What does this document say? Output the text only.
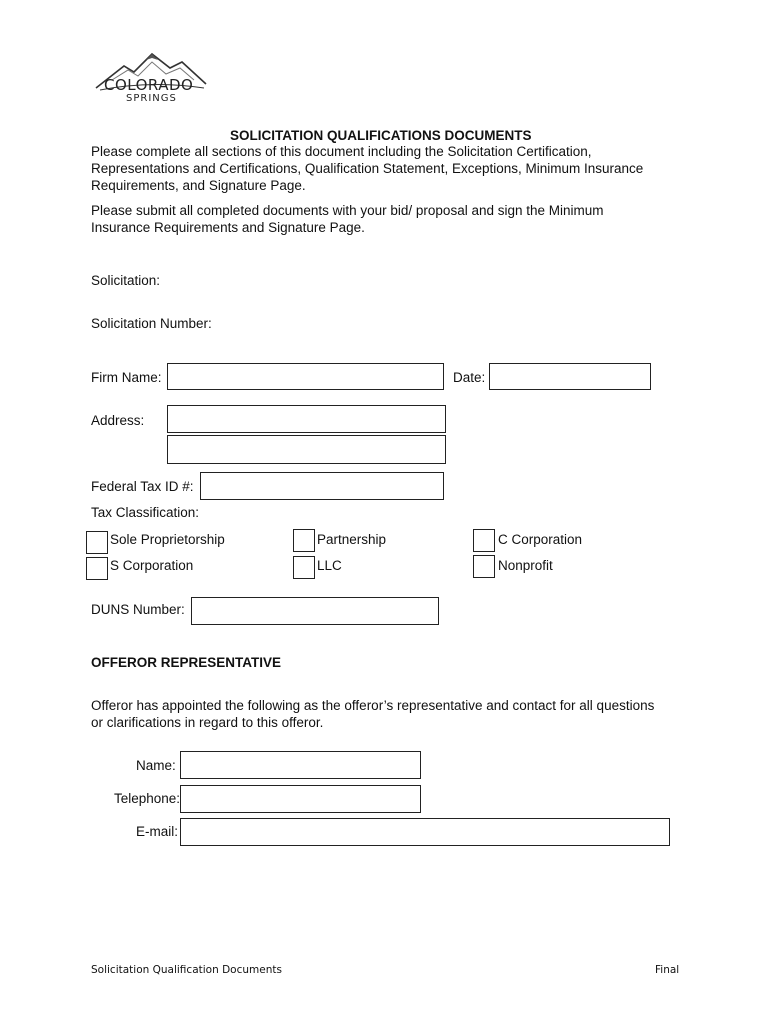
COLORADO
SPRINGS
SOLICITATION QUALIFICATIONS DOCUMENTS
Please complete all sections of this document including the Solicitation Certification,
Representations and Certifications, Qualification Statement, Exceptions, Minimum Insurance
Requirements, and Signature Page.
Please submit all completed documents with your bid/ proposal and sign the Minimum
Insurance Requirements and Signature Page.
Solicitation:
Solicitation Number:
Firm Name:	Date:
Address:
Federal Tax ID #:
Tax Classification:
Sole Proprietorship	Partnership	C Corporation
S Corporation	LLC	Nonprofit
DUNS Number:
OFFEROR REPRESENTATIVE
Offeror has appointed the following as the offeror’s representative and contact for all questions
or clarifications in regard to this offeror.
Name:
Telephone:
E-mail:
Solicitation Qualification Documents	Final
